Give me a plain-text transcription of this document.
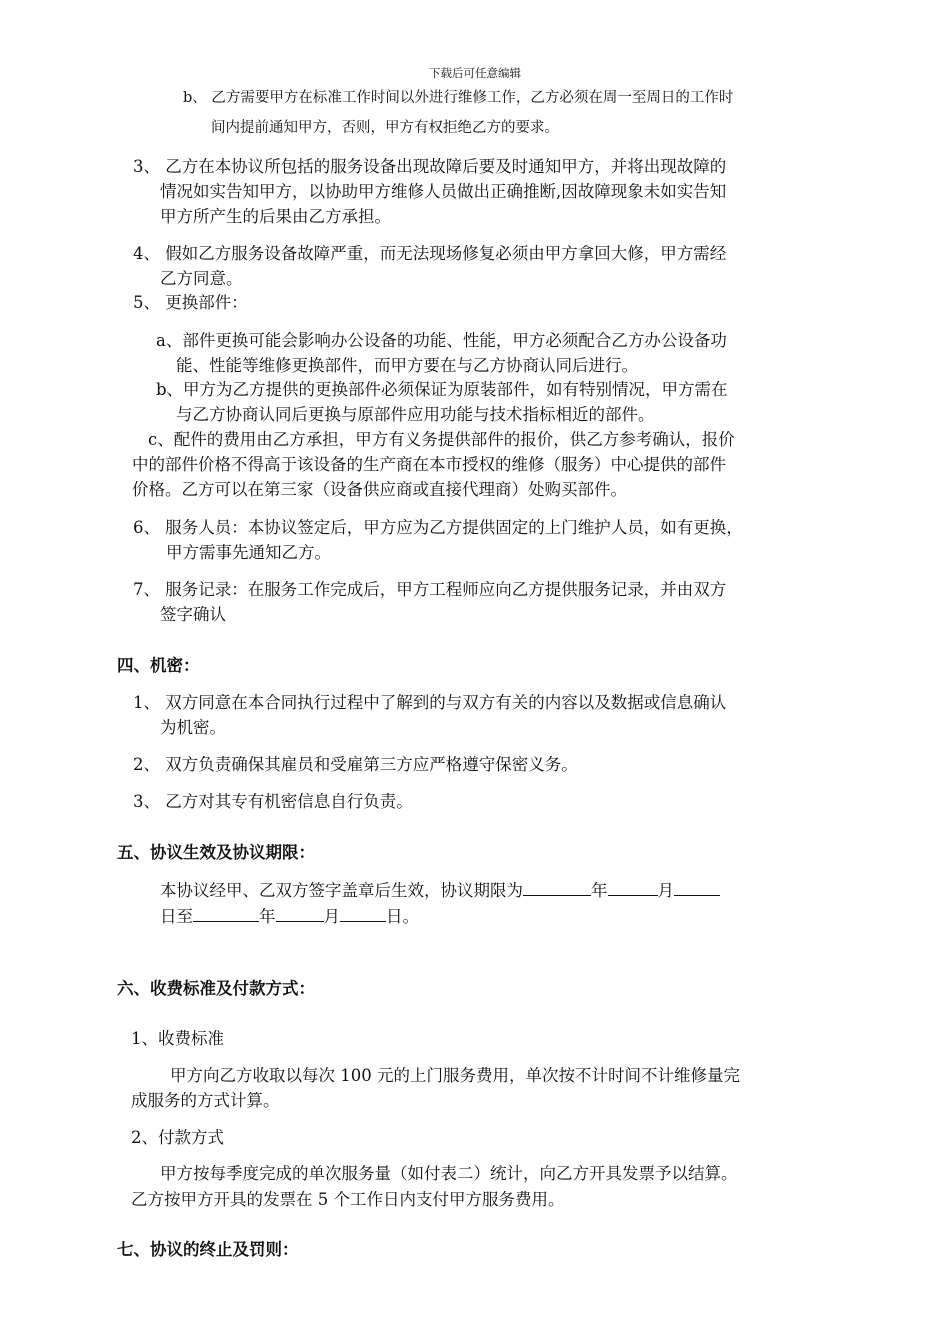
下载后可任意编辑
b、 乙方需要甲方在标准工作时间以外进行维修工作，乙方必须在周一至周日的工作时
间内提前通知甲方，否则，甲方有权拒绝乙方的要求。
3、 乙方在本协议所包括的服务设备出现故障后要及时通知甲方，并将出现故障的
情况如实告知甲方，以协助甲方维修人员做出正确推断,因故障现象未如实告知
甲方所产生的后果由乙方承担。
4、 假如乙方服务设备故障严重，而无法现场修复必须由甲方拿回大修，甲方需经
乙方同意。
5、 更换部件：
a、部件更换可能会影响办公设备的功能、性能，甲方必须配合乙方办公设备功
能、性能等维修更换部件，而甲方要在与乙方协商认同后进行。
b、甲方为乙方提供的更换部件必须保证为原装部件，如有特别情况，甲方需在
与乙方协商认同后更换与原部件应用功能与技术指标相近的部件。
c、配件的费用由乙方承担，甲方有义务提供部件的报价，供乙方参考确认，报价
中的部件价格不得高于该设备的生产商在本市授权的维修（服务）中心提供的部件
价格。乙方可以在第三家（设备供应商或直接代理商）处购买部件。
6、 服务人员：本协议签定后，甲方应为乙方提供固定的上门维护人员，如有更换，
甲方需事先通知乙方。
7、 服务记录：在服务工作完成后，甲方工程师应向乙方提供服务记录，并由双方
签字确认
四、机密：
1、 双方同意在本合同执行过程中了解到的与双方有关的内容以及数据或信息确认
为机密。
2、 双方负责确保其雇员和受雇第三方应严格遵守保密义务。
3、 乙方对其专有机密信息自行负责。
五、协议生效及协议期限：
本协议经甲、乙双方签字盖章后生效，协议期限为	年	月
日至	年	月	日。
六、收费标准及付款方式：
1、收费标准
甲方向乙方收取以每次 100 元的上门服务费用，单次按不计时间不计维修量完
成服务的方式计算。
2、付款方式
甲方按每季度完成的单次服务量（如付表二）统计，向乙方开具发票予以结算。
乙方按甲方开具的发票在 5 个工作日内支付甲方服务费用。
七、协议的终止及罚则：
